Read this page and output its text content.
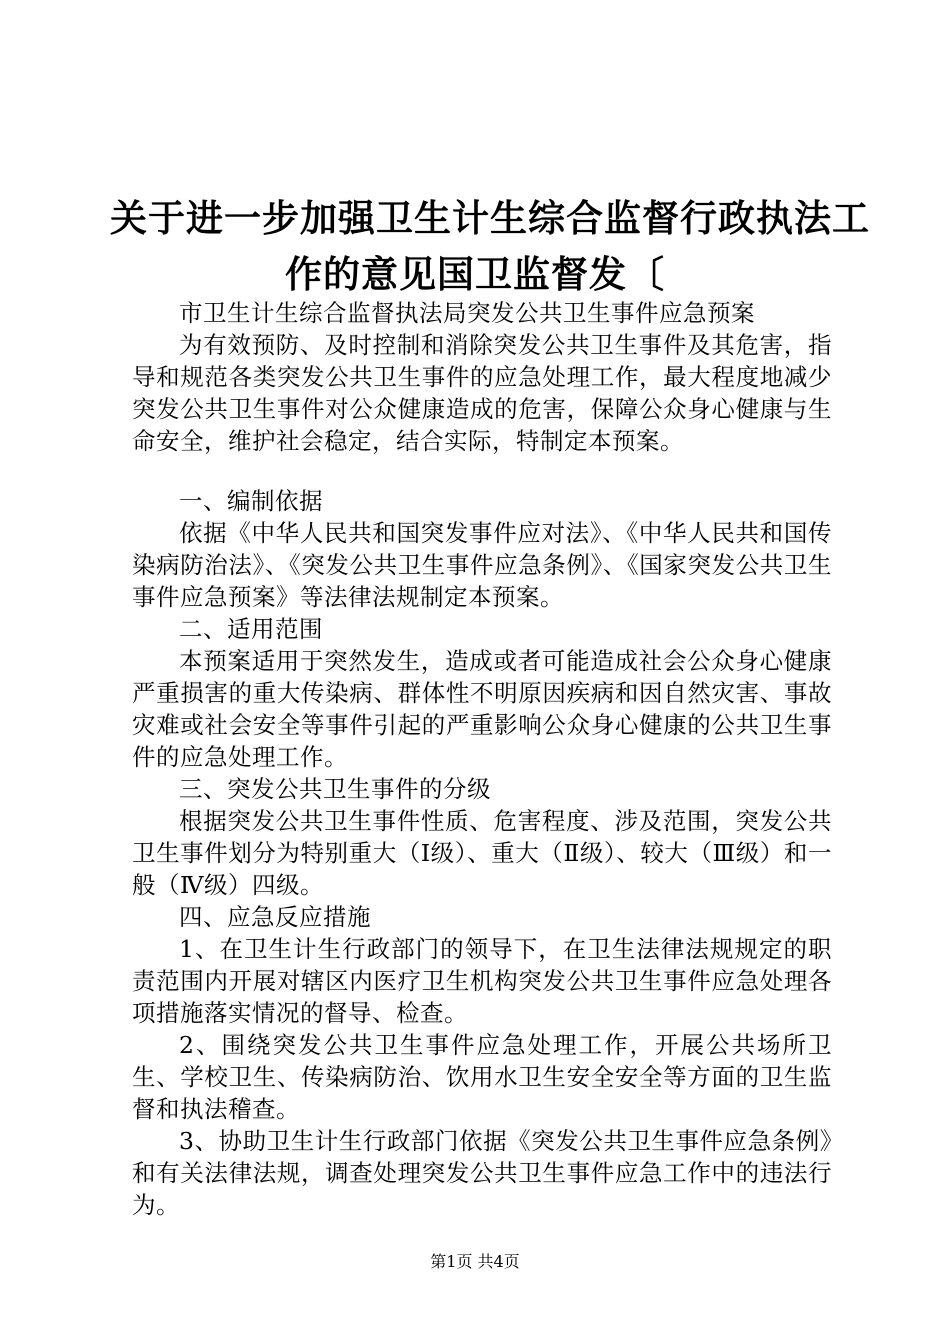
关于进一步加强卫生计生综合监督行政执法工
作的意见国卫监督发〔

市卫生计生综合监督执法局突发公共卫生事件应急预案

为有效预防、及时控制和消除突发公共卫生事件及其危害，指导和规范各类突发公共卫生事件的应急处理工作，最大程度地减少突发公共卫生事件对公众健康造成的危害，保障公众身心健康与生命安全，维护社会稳定，结合实际，特制定本预案。

一、编制依据

依据《中华人民共和国突发事件应对法》、《中华人民共和国传染病防治法》、《突发公共卫生事件应急条例》、《国家突发公共卫生事件应急预案》等法律法规制定本预案。

二、适用范围

本预案适用于突然发生，造成或者可能造成社会公众身心健康严重损害的重大传染病、群体性不明原因疾病和因自然灾害、事故灾难或社会安全等事件引起的严重影响公众身心健康的公共卫生事件的应急处理工作。

三、突发公共卫生事件的分级

根据突发公共卫生事件性质、危害程度、涉及范围，突发公共卫生事件划分为特别重大（Ⅰ级）、重大（Ⅱ级）、较大（Ⅲ级）和一般（Ⅳ级）四级。

四、应急反应措施

1、在卫生计生行政部门的领导下，在卫生法律法规规定的职责范围内开展对辖区内医疗卫生机构突发公共卫生事件应急处理各项措施落实情况的督导、检查。

2、围绕突发公共卫生事件应急处理工作，开展公共场所卫生、学校卫生、传染病防治、饮用水卫生安全安全等方面的卫生监督和执法稽查。

3、协助卫生计生行政部门依据《突发公共卫生事件应急条例》和有关法律法规，调查处理突发公共卫生事件应急工作中的违法行为。

第1页 共4页
